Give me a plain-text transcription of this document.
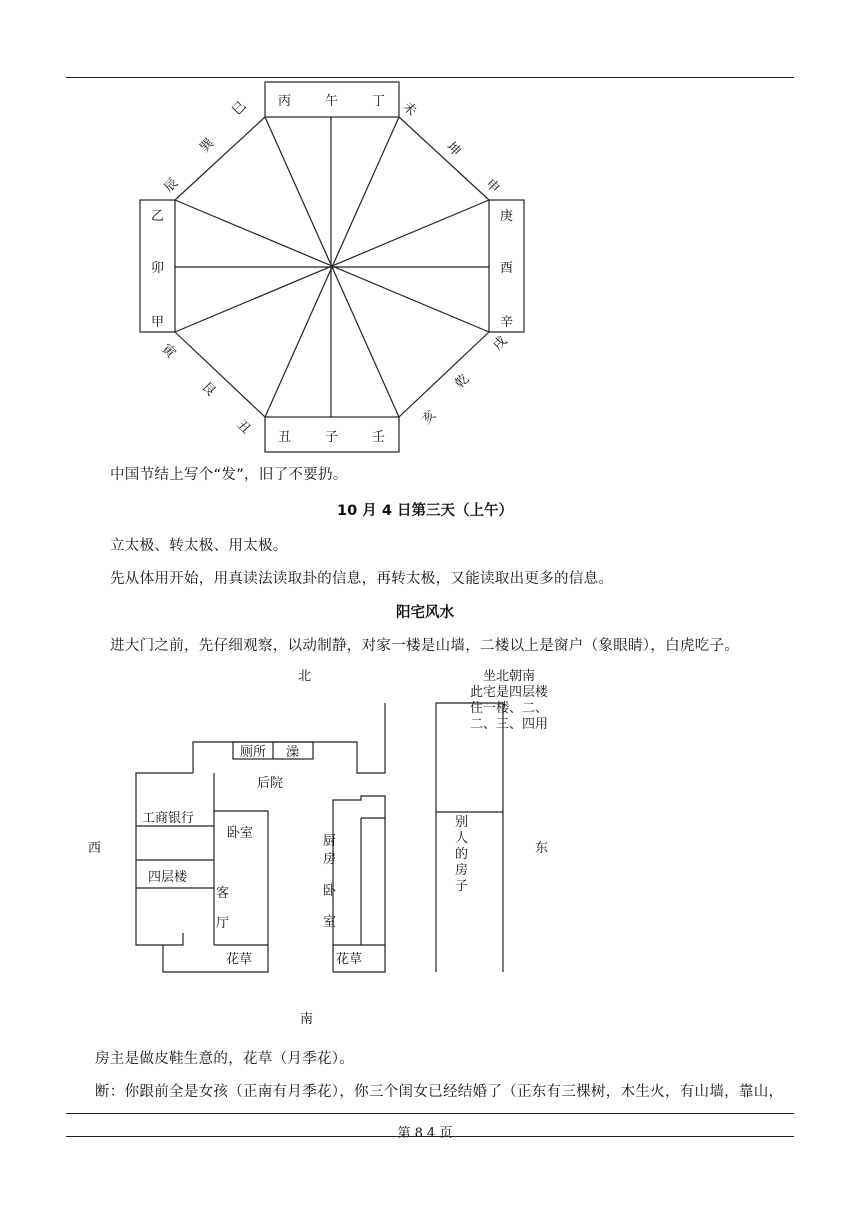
丙	午	丁
丑	子	壬
乙
卯
甲
庚
酉
辛
巳
巽
辰
未
坤
申
寅
艮
丑
戌
乾
亥
中国节结上写个“发”，旧了不要扔。
10 月 4 日第三天（上午）
立太极、转太极、用太极。
先从体用开始，用真读法读取卦的信息，再转太极，又能读取出更多的信息。
阳宅风水
进大门之前，先仔细观察，以动制静，对家一楼是山墙，二楼以上是窗户（象眼睛），白虎吃子。
北
南
西	东
厕所 澡
后院
工商银行
四层楼
卧室
客
厅
花草
厨
房
卧
室
花草
坐北朝南
此宅是四层楼
住一楼、二、
二、三、四用
别
人
的
房
子
房主是做皮鞋生意的，花草（月季花）。
断：你跟前全是女孩（正南有月季花），你三个闺女已经结婚了（正东有三棵树，木生火，有山墙，靠山，
第 8 4 页
